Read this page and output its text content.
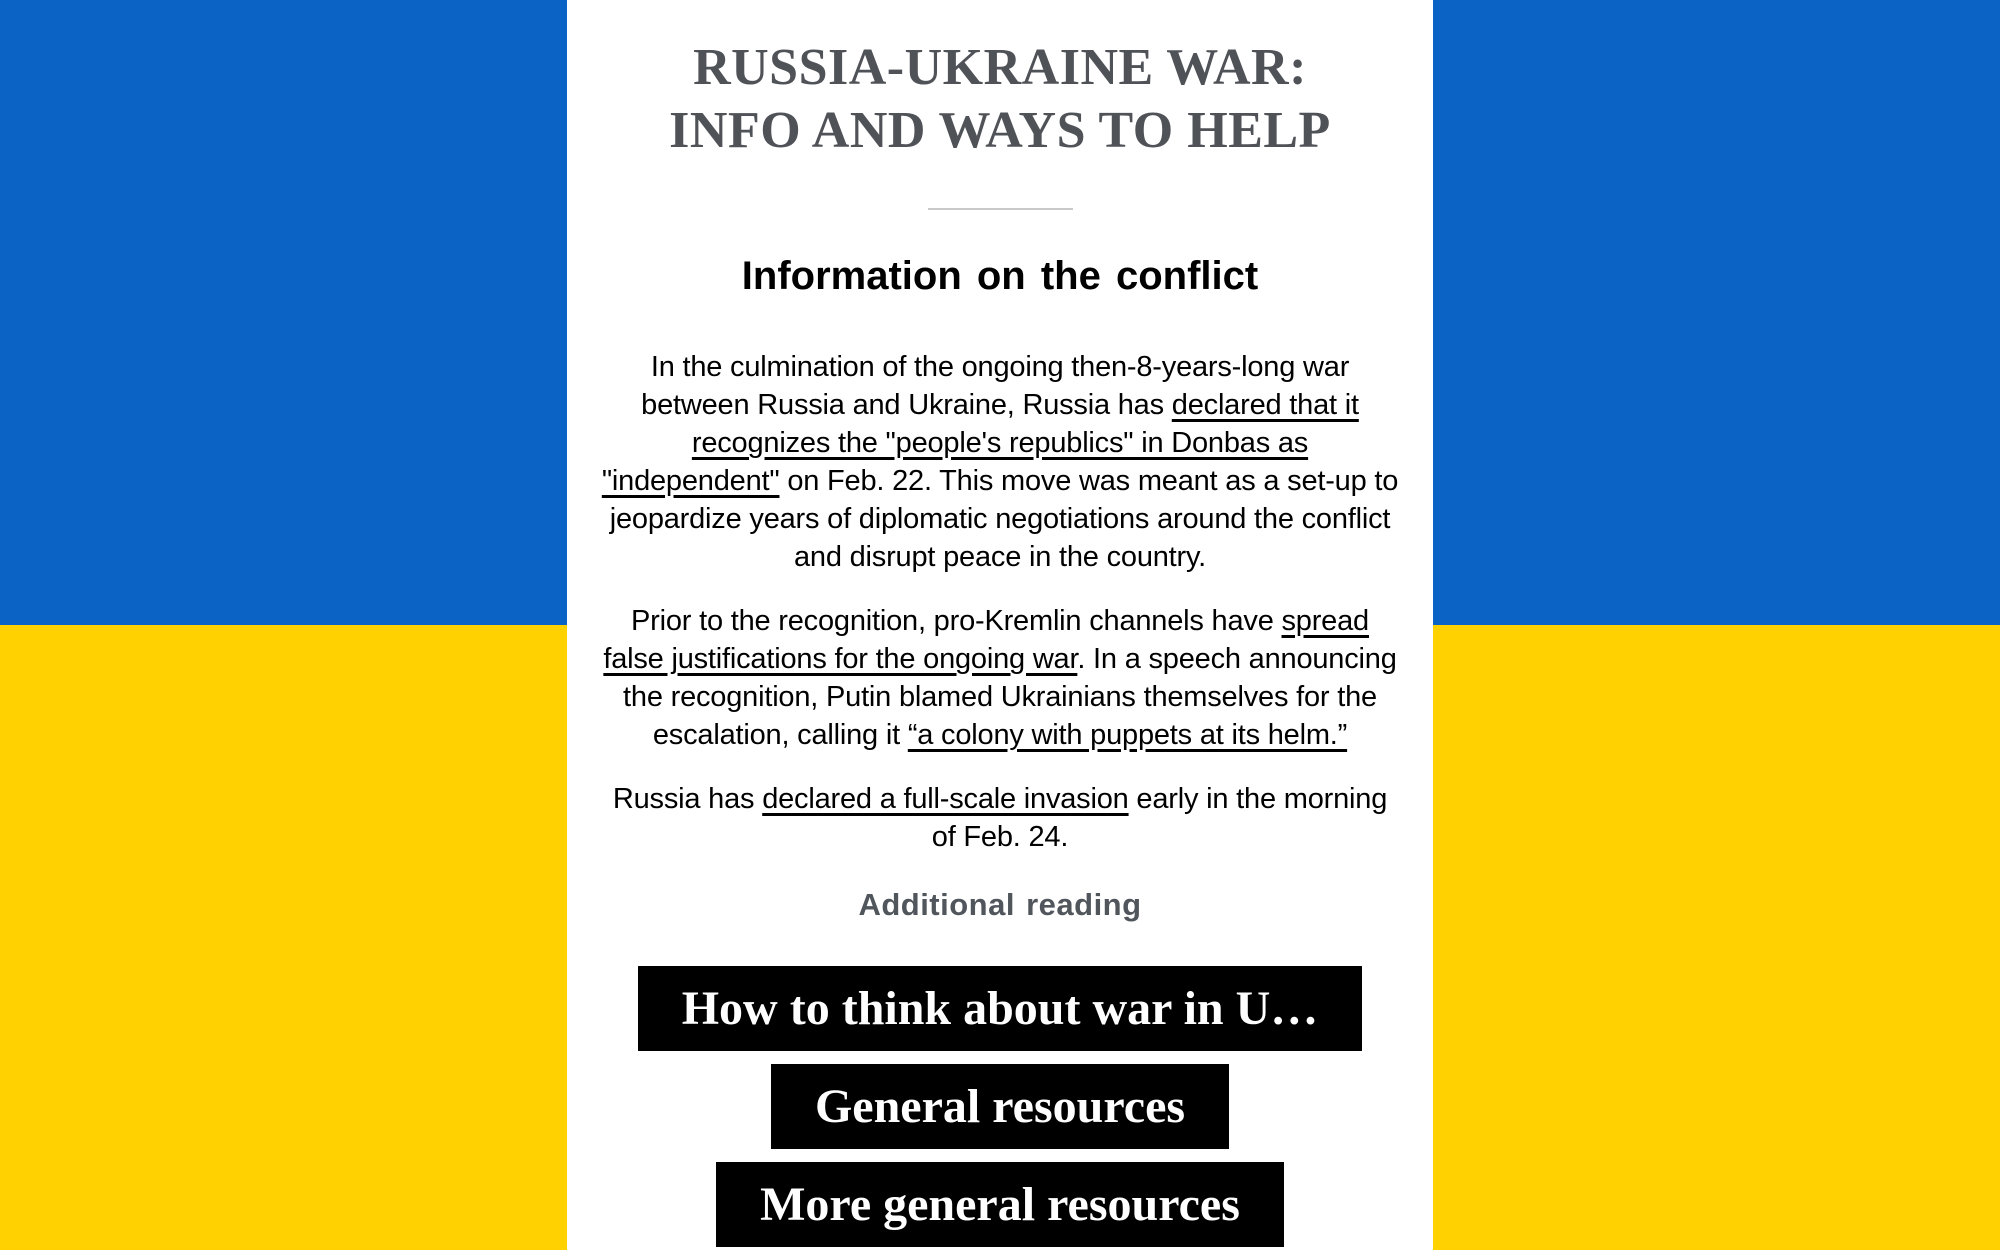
RUSSIA-UKRAINE WAR: INFO AND WAYS TO HELP
Information on the conflict

In the culmination of the ongoing then-8-years-long war between Russia and Ukraine, Russia has declared that it recognizes the "people's republics" in Donbas as "independent" on Feb. 22. This move was meant as a set-up to jeopardize years of diplomatic negotiations around the conflict and disrupt peace in the country.

Prior to the recognition, pro-Kremlin channels have spread false justifications for the ongoing war. In a speech announcing the recognition, Putin blamed Ukrainians themselves for the escalation, calling it “a colony with puppets at its helm.”

Russia has declared a full-scale invasion early in the morning of Feb. 24.

Additional reading
How to think about war in U…
General resources
More general resources
